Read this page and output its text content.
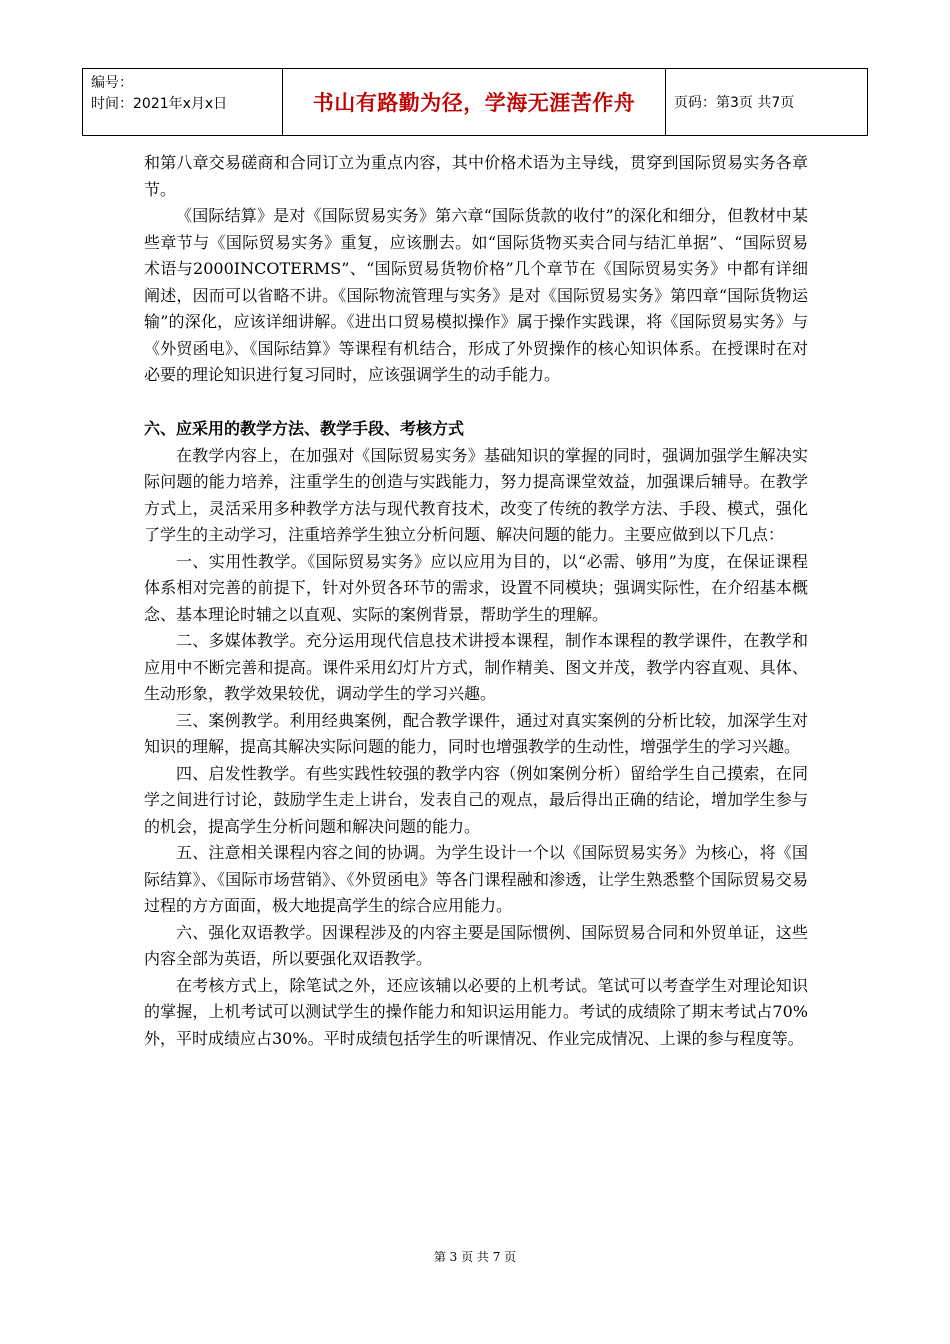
编号：
时间：2021年x月x日	书山有路勤为径，学海无涯苦作舟	页码：第3页 共7页

和第八章交易磋商和合同订立为重点内容，其中价格术语为主导线，贯穿到国际贸易实务各章节。

《国际结算》是对《国际贸易实务》第六章“国际货款的收付”的深化和细分，但教材中某些章节与《国际贸易实务》重复，应该删去。如“国际货物买卖合同与结汇单据”、“国际贸易术语与2000INCOTERMS”、“国际贸易货物价格”几个章节在《国际贸易实务》中都有详细阐述，因而可以省略不讲。《国际物流管理与实务》是对《国际贸易实务》第四章“国际货物运输”的深化，应该详细讲解。《进出口贸易模拟操作》属于操作实践课，将《国际贸易实务》与《外贸函电》、《国际结算》等课程有机结合，形成了外贸操作的核心知识体系。在授课时在对必要的理论知识进行复习同时，应该强调学生的动手能力。

六、应采用的教学方法、教学手段、考核方式

在教学内容上，在加强对《国际贸易实务》基础知识的掌握的同时，强调加强学生解决实际问题的能力培养，注重学生的创造与实践能力，努力提高课堂效益，加强课后辅导。在教学方式上，灵活采用多种教学方法与现代教育技术，改变了传统的教学方法、手段、模式，强化了学生的主动学习，注重培养学生独立分析问题、解决问题的能力。主要应做到以下几点：

一、实用性教学。《国际贸易实务》应以应用为目的，以“必需、够用”为度，在保证课程体系相对完善的前提下，针对外贸各环节的需求，设置不同模块；强调实际性，在介绍基本概念、基本理论时辅之以直观、实际的案例背景，帮助学生的理解。

二、多媒体教学。充分运用现代信息技术讲授本课程，制作本课程的教学课件，在教学和应用中不断完善和提高。课件采用幻灯片方式，制作精美、图文并茂，教学内容直观、具体、生动形象，教学效果较优，调动学生的学习兴趣。

三、案例教学。利用经典案例，配合教学课件，通过对真实案例的分析比较，加深学生对知识的理解，提高其解决实际问题的能力，同时也增强教学的生动性，增强学生的学习兴趣。

四、启发性教学。有些实践性较强的教学内容（例如案例分析）留给学生自己摸索，在同学之间进行讨论，鼓励学生走上讲台，发表自己的观点，最后得出正确的结论，增加学生参与的机会，提高学生分析问题和解决问题的能力。

五、注意相关课程内容之间的协调。为学生设计一个以《国际贸易实务》为核心，将《国际结算》、《国际市场营销》、《外贸函电》等各门课程融和渗透，让学生熟悉整个国际贸易交易过程的方方面面，极大地提高学生的综合应用能力。

六、强化双语教学。因课程涉及的内容主要是国际惯例、国际贸易合同和外贸单证，这些内容全部为英语，所以要强化双语教学。

在考核方式上，除笔试之外，还应该辅以必要的上机考试。笔试可以考查学生对理论知识的掌握，上机考试可以测试学生的操作能力和知识运用能力。考试的成绩除了期末考试占70%外，平时成绩应占30%。平时成绩包括学生的听课情况、作业完成情况、上课的参与程度等。

第 3 页 共 7 页
